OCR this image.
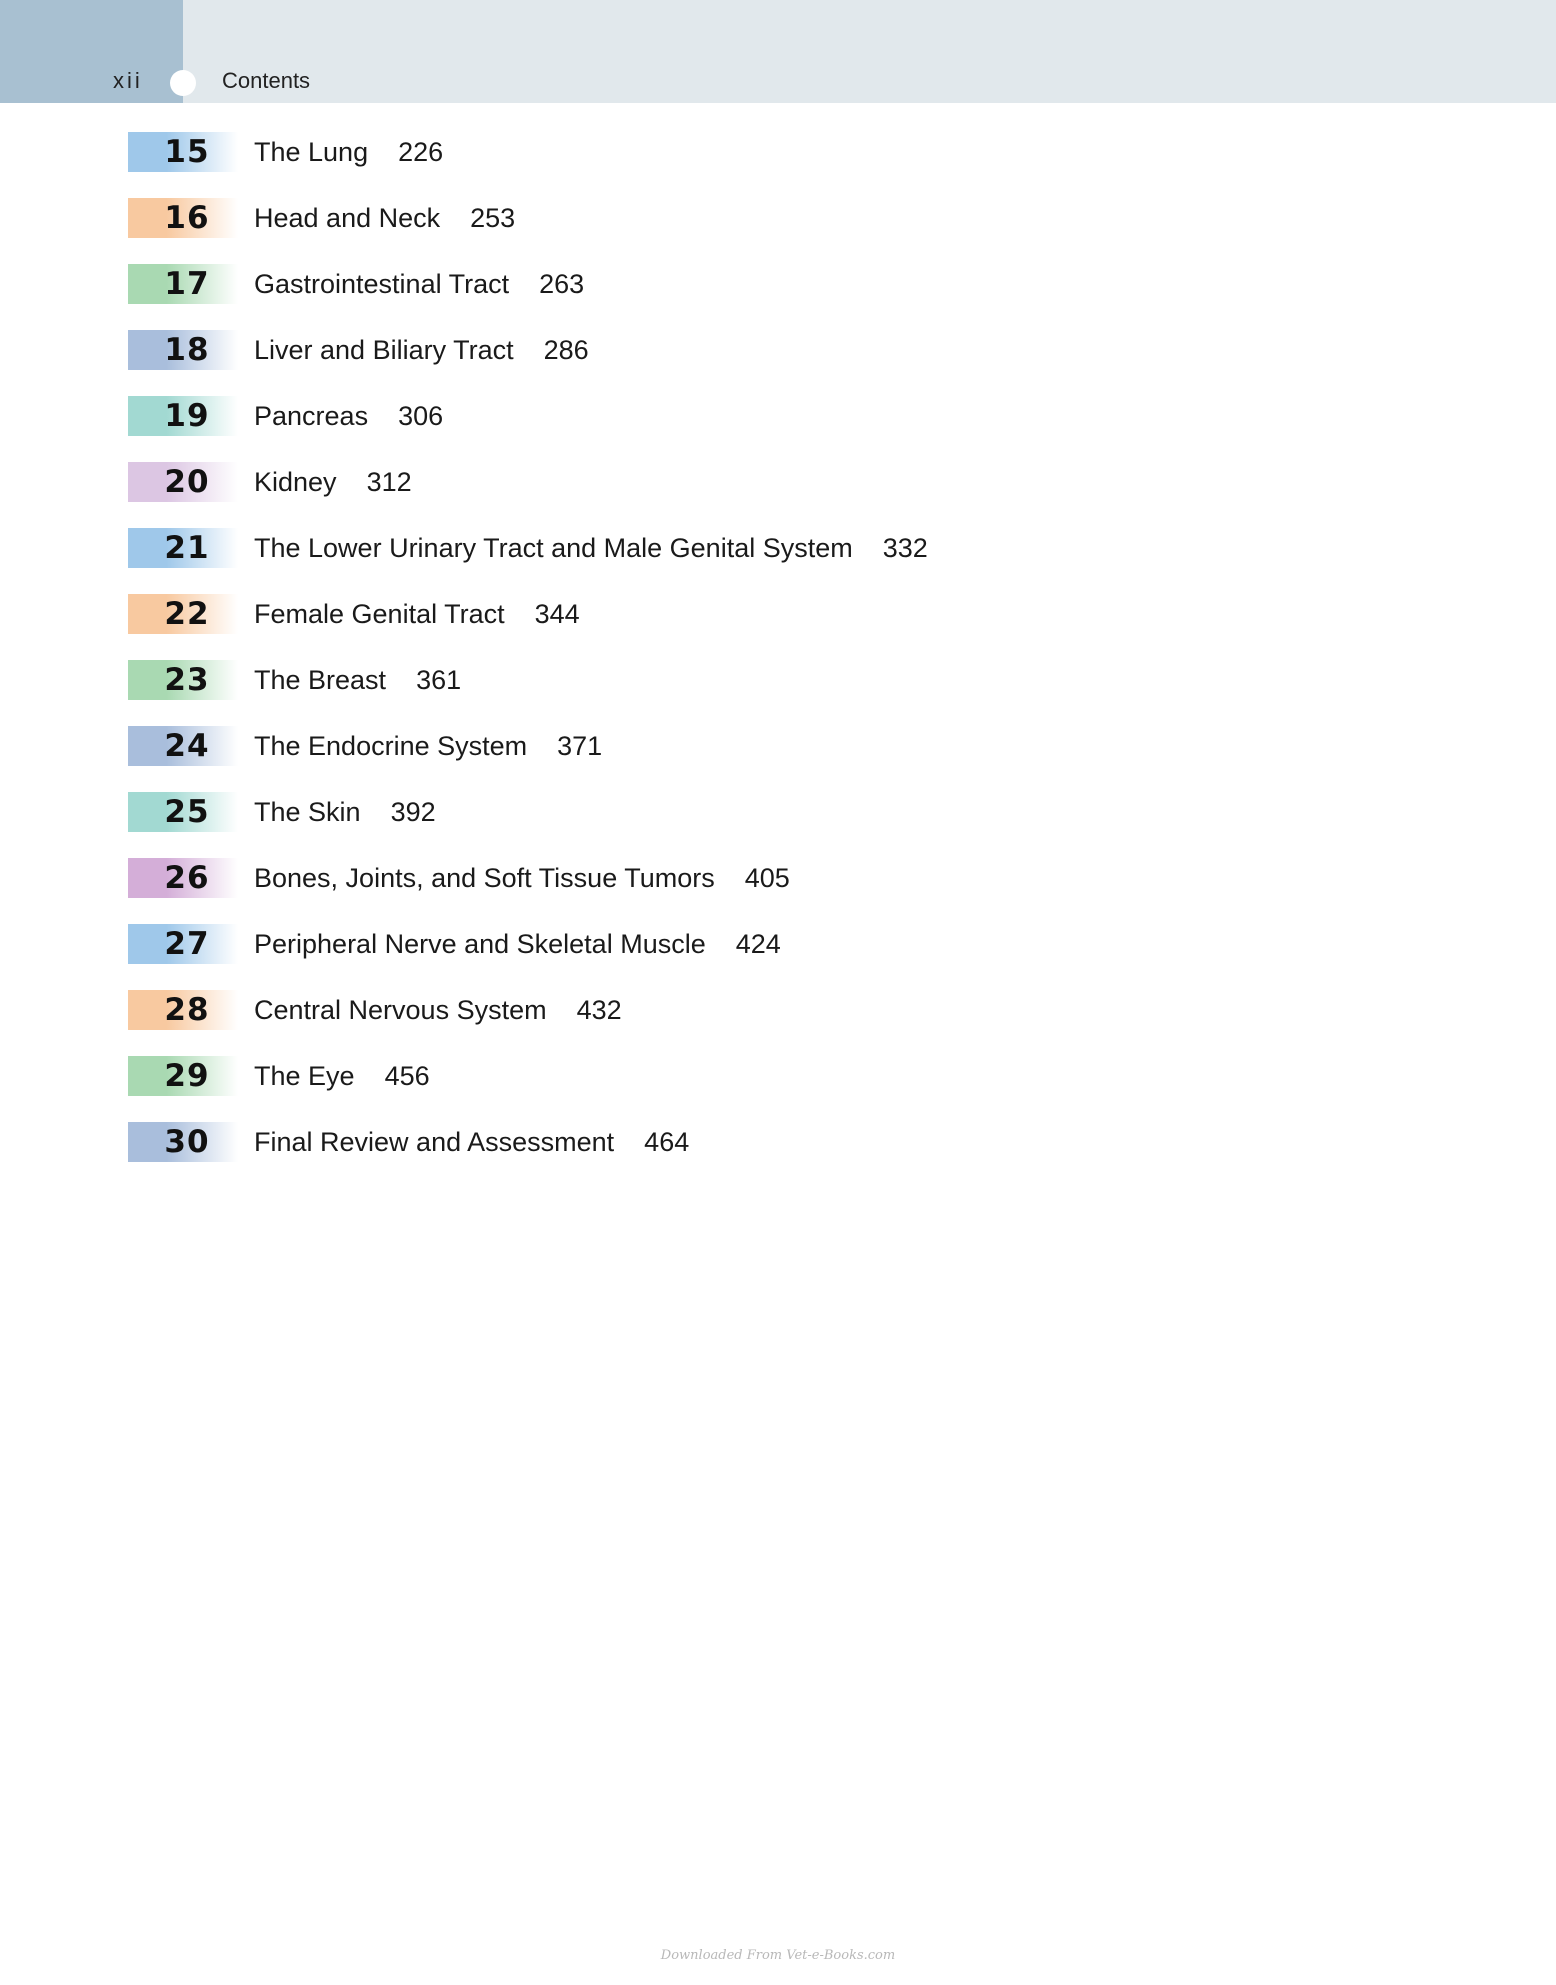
xii	Contents
15 The Lung 226
16 Head and Neck 253
17 Gastrointestinal Tract 263
18 Liver and Biliary Tract 286
19 Pancreas 306
20 Kidney 312
21 The Lower Urinary Tract and Male Genital System 332
22 Female Genital Tract 344
23 The Breast 361
24 The Endocrine System 371
25 The Skin 392
26 Bones, Joints, and Soft Tissue Tumors 405
27 Peripheral Nerve and Skeletal Muscle 424
28 Central Nervous System 432
29 The Eye 456
30 Final Review and Assessment 464
Downloaded From Vet-e-Books.com
